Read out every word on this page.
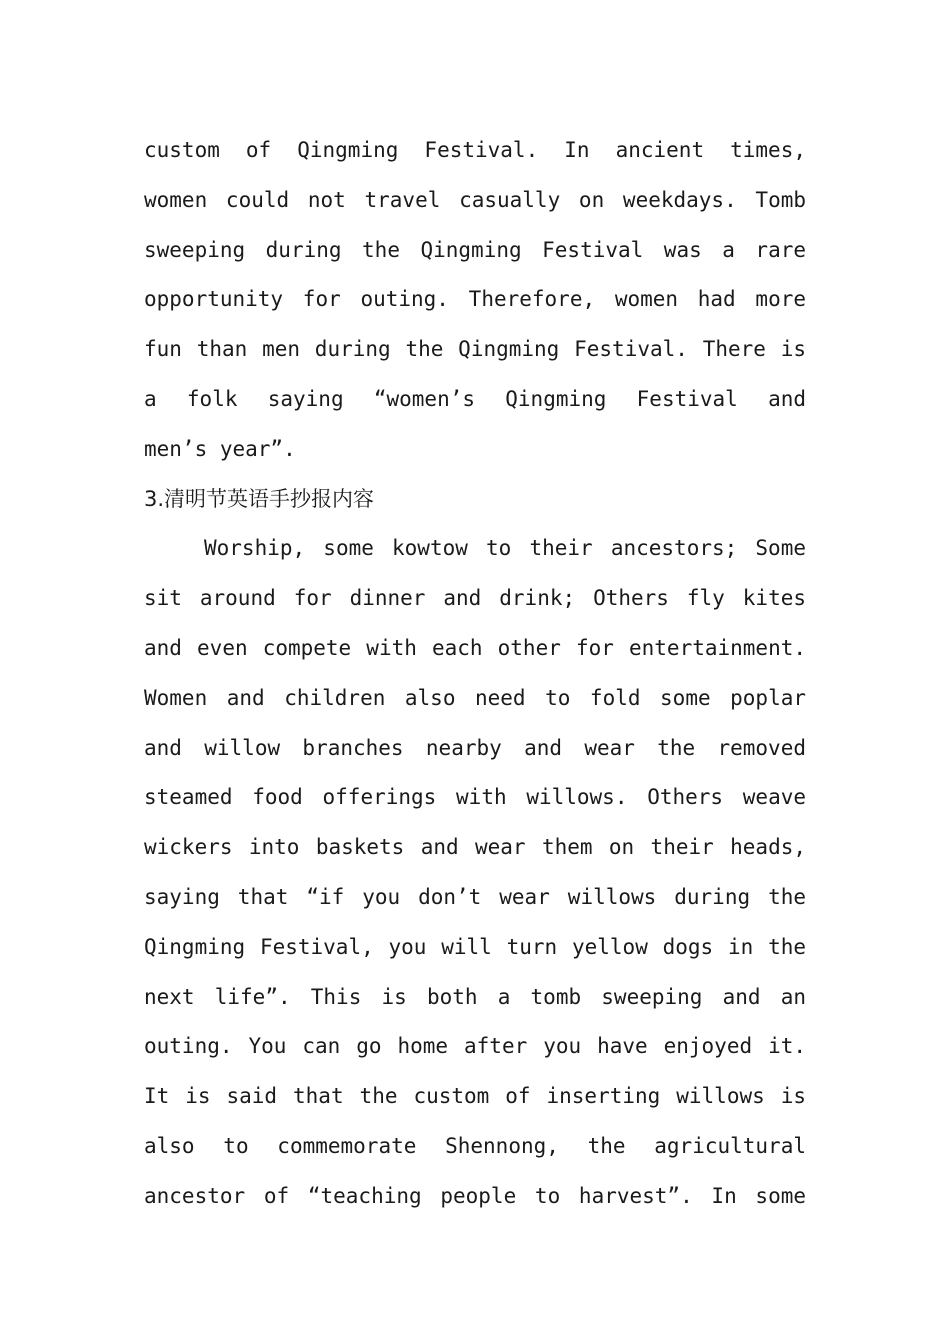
custom of Qingming Festival. In ancient times,
women could not travel casually on weekdays. Tomb
sweeping during the Qingming Festival was a rare
opportunity for outing. Therefore, women had more
fun than men during the Qingming Festival. There is
a folk saying “women’s Qingming Festival and
men’s year”.
3.清明节英语手抄报内容
Worship, some kowtow to their ancestors; Some
sit around for dinner and drink; Others fly kites
and even compete with each other for entertainment.
Women and children also need to fold some poplar
and willow branches nearby and wear the removed
steamed food offerings with willows. Others weave
wickers into baskets and wear them on their heads,
saying that “if you don’t wear willows during the
Qingming Festival, you will turn yellow dogs in the
next life”. This is both a tomb sweeping and an
outing. You can go home after you have enjoyed it.
It is said that the custom of inserting willows is
also to commemorate Shennong, the agricultural
ancestor of “teaching people to harvest”. In some
